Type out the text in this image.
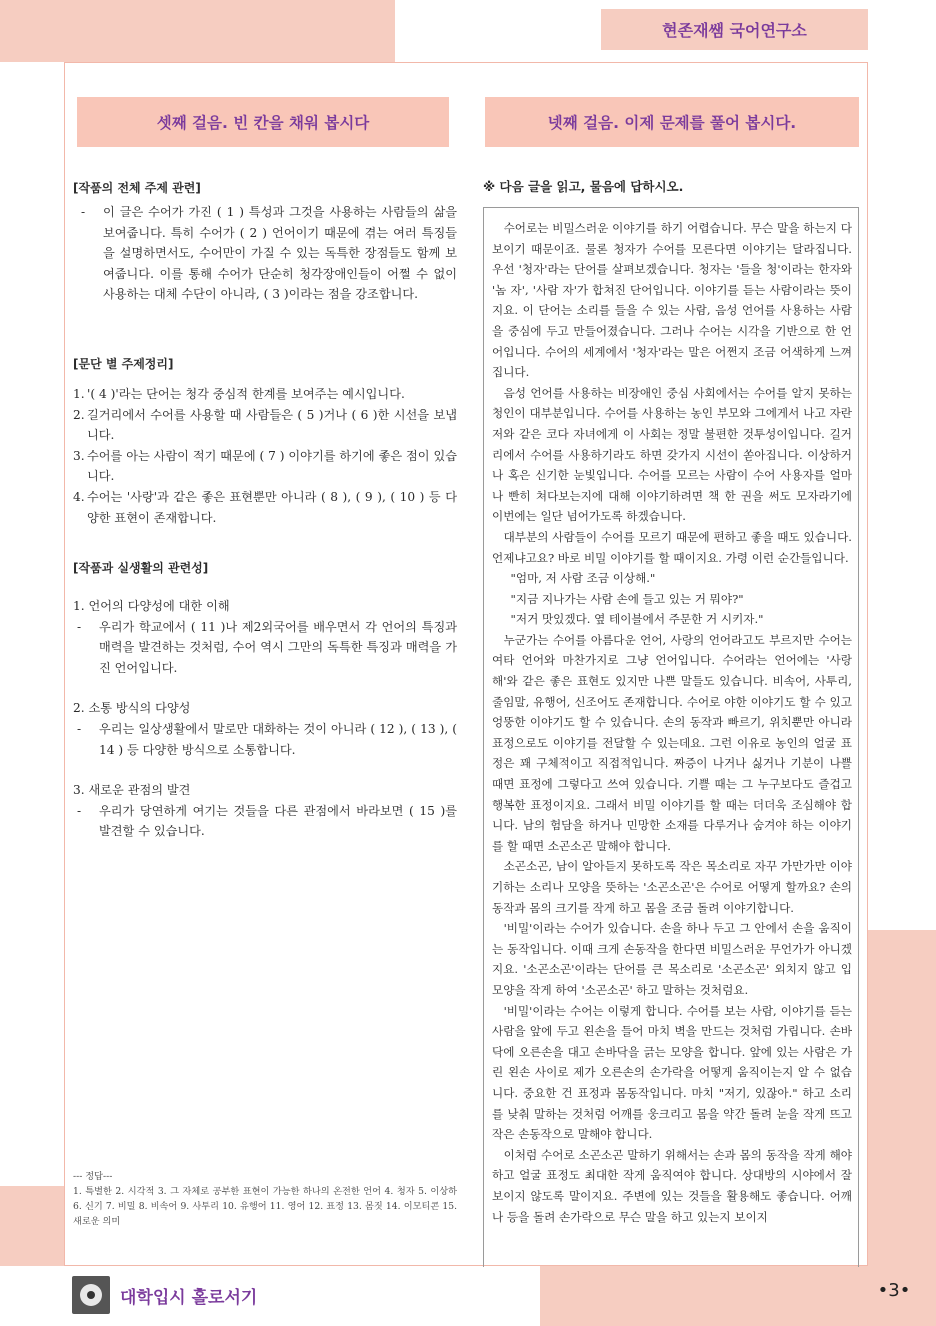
현존재쌤 국어연구소
셋째 걸음. 빈 칸을 채워 봅시다

[작품의 전체 주제 관련]

-	이 글은 수어가 가진 ( 1 ) 특성과 그것을 사용하는 사람들의 삶을 보여줍니다. 특히 수어가 ( 2 ) 언어이기 때문에 겪는 여러 특징들을 설명하면서도, 수어만이 가질 수 있는 독특한 장점들도 함께 보여줍니다. 이를 통해 수어가 단순히 청각장애인들이 어쩔 수 없이 사용하는 대체 수단이 아니라, ( 3 )이라는 점을 강조합니다.

[문단 별 주제정리]

1. '( 4 )'라는 단어는 청각 중심적 한계를 보여주는 예시입니다.
2. 길거리에서 수어를 사용할 때 사람들은 ( 5 )거나 ( 6 )한 시선을 보냅니다.
3. 수어를 아는 사람이 적기 때문에 ( 7 ) 이야기를 하기에 좋은 점이 있습니다.
4. 수어는 '사랑'과 같은 좋은 표현뿐만 아니라 ( 8 ), ( 9 ), ( 10 ) 등 다양한 표현이 존재합니다.

[작품과 실생활의 관련성]

1. 언어의 다양성에 대한 이해

-	우리가 학교에서 ( 11 )나 제2외국어를 배우면서 각 언어의 특징과 매력을 발견하는 것처럼, 수어 역시 그만의 독특한 특징과 매력을 가진 언어입니다.

2. 소통 방식의 다양성

-	우리는 일상생활에서 말로만 대화하는 것이 아니라 ( 12 ), ( 13 ), ( 14 ) 등 다양한 방식으로 소통합니다.

3. 새로운 관점의 발견

-	우리가 당연하게 여기는 것들을 다른 관점에서 바라보면 ( 15 )를 발견할 수 있습니다.

--- 정답---

1. 특별한 2. 시각적 3. 그 자체로 공부한 표현이 가능한 하나의 온전한 언어 4. 청자 5. 이상하 6. 신기 7. 비밀 8. 비속어 9. 사투리 10. 유행어 11. 영어 12. 표정 13. 몸짓 14. 이모티콘 15. 새로운 의미

넷째 걸음. 이제 문제를 풀어 봅시다.

※ 다음 글을 읽고, 물음에 답하시오.

수어로는 비밀스러운 이야기를 하기 어렵습니다. 무슨 말을 하는지 다 보이기 때문이죠. 물론 청자가 수어를 모른다면 이야기는 달라집니다. 우선 '청자'라는 단어를 살펴보겠습니다. 청자는 '들을 청'이라는 한자와 '놈 자', '사람 자'가 합쳐진 단어입니다. 이야기를 듣는 사람이라는 뜻이지요. 이 단어는 소리를 들을 수 있는 사람, 음성 언어를 사용하는 사람을 중심에 두고 만들어졌습니다. 그러나 수어는 시각을 기반으로 한 언어입니다. 수어의 세계에서 '청자'라는 말은 어쩐지 조금 어색하게 느껴집니다.

음성 언어를 사용하는 비장애인 중심 사회에서는 수어를 알지 못하는 청인이 대부분입니다. 수어를 사용하는 농인 부모와 그에게서 나고 자란 저와 같은 코다 자녀에게 이 사회는 정말 불편한 것투성이입니다. 길거리에서 수어를 사용하기라도 하면 갖가지 시선이 쏟아집니다. 이상하거나 혹은 신기한 눈빛입니다. 수어를 모르는 사람이 수어 사용자를 얼마나 빤히 쳐다보는지에 대해 이야기하려면 책 한 권을 써도 모자라기에 이번에는 일단 넘어가도록 하겠습니다.

대부분의 사람들이 수어를 모르기 때문에 편하고 좋을 때도 있습니다. 언제냐고요? 바로 비밀 이야기를 할 때이지요. 가령 이런 순간들입니다.

"엄마, 저 사람 조금 이상해."

"지금 지나가는 사람 손에 들고 있는 거 뭐야?"

"저거 맛있겠다. 옆 테이블에서 주문한 거 시키자."

누군가는 수어를 아름다운 언어, 사랑의 언어라고도 부르지만 수어는 여타 언어와 마찬가지로 그냥 언어입니다. 수어라는 언어에는 '사랑해'와 같은 좋은 표현도 있지만 나쁜 말들도 있습니다. 비속어, 사투리, 줄임말, 유행어, 신조어도 존재합니다. 수어로 야한 이야기도 할 수 있고 엉뚱한 이야기도 할 수 있습니다. 손의 동작과 빠르기, 위치뿐만 아니라 표정으로도 이야기를 전달할 수 있는데요. 그런 이유로 농인의 얼굴 표정은 꽤 구체적이고 직접적입니다. 짜증이 나거나 싫거나 기분이 나쁠 때면 표정에 그렇다고 쓰여 있습니다. 기쁠 때는 그 누구보다도 즐겁고 행복한 표정이지요. 그래서 비밀 이야기를 할 때는 더더욱 조심해야 합니다. 남의 험담을 하거나 민망한 소재를 다루거나 숨겨야 하는 이야기를 할 때면 소곤소곤 말해야 합니다.

소곤소곤, 남이 알아듣지 못하도록 작은 목소리로 자꾸 가만가만 이야기하는 소리나 모양을 뜻하는 '소곤소곤'은 수어로 어떻게 할까요? 손의 동작과 몸의 크기를 작게 하고 몸을 조금 돌려 이야기합니다.

'비밀'이라는 수어가 있습니다. 손을 하나 두고 그 안에서 손을 움직이는 동작입니다. 이때 크게 손동작을 한다면 비밀스러운 무언가가 아니겠지요. '소곤소곤'이라는 단어를 큰 목소리로 '소곤소곤' 외치지 않고 입 모양을 작게 하여 '소곤소곤' 하고 말하는 것처럼요.

'비밀'이라는 수어는 이렇게 합니다. 수어를 보는 사람, 이야기를 듣는 사람을 앞에 두고 왼손을 들어 마치 벽을 만드는 것처럼 가립니다. 손바닥에 오른손을 대고 손바닥을 긁는 모양을 합니다. 앞에 있는 사람은 가린 왼손 사이로 제가 오른손의 손가락을 어떻게 움직이는지 알 수 없습니다. 중요한 건 표정과 몸동작입니다. 마치 "저기, 있잖아." 하고 소리를 낮춰 말하는 것처럼 어깨를 웅크리고 몸을 약간 돌려 눈을 작게 뜨고 작은 손동작으로 말해야 합니다.

이처럼 수어로 소곤소곤 말하기 위해서는 손과 몸의 동작을 작게 해야 하고 얼굴 표정도 최대한 작게 움직여야 합니다. 상대방의 시야에서 잘 보이지 않도록 말이지요. 주변에 있는 것들을 활용해도 좋습니다. 어깨나 등을 돌려 손가락으로 무슨 말을 하고 있는지 보이지

대학입시 홀로서기	•3•
